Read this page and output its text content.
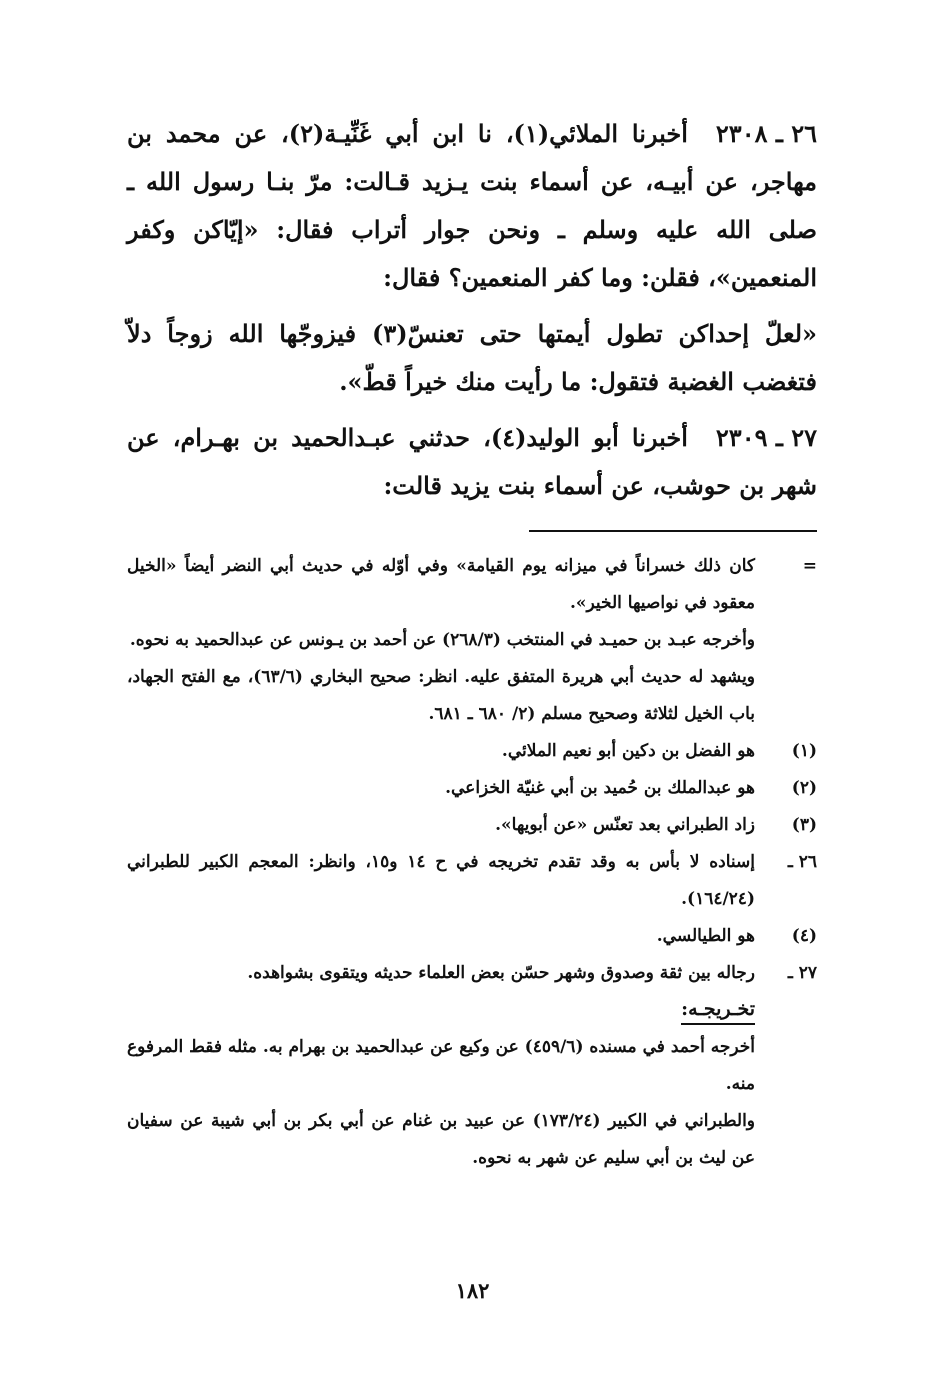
٢٦ ـ ٢٣٠٨أخبرنا الملائي(١)، نا ابن أبي غَنِّيـة(٢)، عن محمد بن مهاجر، عن أبيـه، عن أسماء بنت يـزيد قـالت: مرّ بنـا رسول الله ـ صلى الله عليه وسلم ـ ونحن جوار أتراب فقال: «إيّاكن وكفر المنعمين»، فقلن: وما كفر المنعمين؟ فقال:

«لعلّ إحداكن تطول أيمتها حتى تعنسّ(٣) فيزوجّها الله زوجاً دلاّ فتغضب الغضبة فتقول: ما رأيت منك خيراً قطّ».

٢٧ ـ ٢٣٠٩أخبرنا أبو الوليد(٤)، حدثني عبـدالحميد بن بهـرام، عن شهر بن حوشب، عن أسماء بنت يزيد قالت:

=
كان ذلك خسراناً في ميزانه يوم القيامة» وفي أوّله في حديث أبي النضر أيضاً «الخيل معقود في نواصيها الخير».
وأخرجه عبـد بن حميـد في المنتخب (٢٦٨/٣) عن أحمد بن يـونس عن عبدالحميد به نحوه.
ويشهد له حديث أبي هريرة المتفق عليه. انظر: صحيح البخاري (٦٣/٦)، مع الفتح الجهاد، باب الخيل لثلاثة وصحيح مسلم (٢/ ٦٨٠ ـ ٦٨١.
(١)
هو الفضل بن دكين أبو نعيم الملائي.
(٢)
هو عبدالملك بن حُميد بن أبي غنيّة الخزاعي.
(٣)
زاد الطبراني بعد تعنّس «عن أبويها».
٢٦ ـ
إسناده لا بأس به وقد تقدم تخريجه في ح ١٤ و١٥، وانظر: المعجم الكبير للطبراني (١٦٤/٢٤).
(٤)
هو الطيالسي.
٢٧ ـ
رجاله بين ثقة وصدوق وشهر حسّن بعض العلماء حديثه ويتقوى بشواهده.
تخـريجـه:
أخرجه أحمد في مسنده (٤٥٩/٦) عن وكيع عن عبدالحميد بن بهرام به. مثله فقط المرفوع منه.
والطبراني في الكبير (١٧٣/٢٤) عن عبيد بن غنام عن أبي بكر بن أبي شيبة عن سفيان عن ليث بن أبي سليم عن شهر به نحوه.
١٨٢
